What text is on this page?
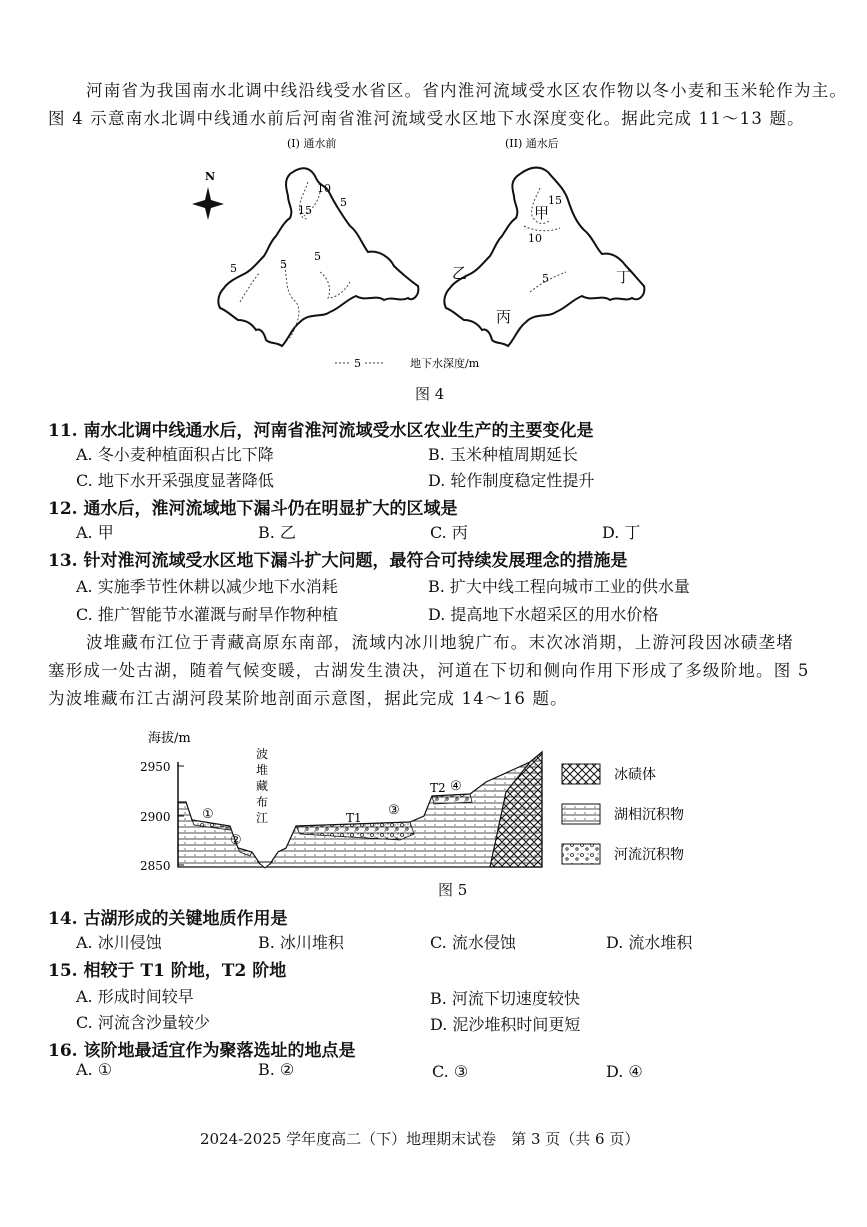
河南省为我国南水北调中线沿线受水省区。省内淮河流域受水区农作物以冬小麦和玉米轮作为主。
图 4 示意南水北调中线通水前后河南省淮河流域受水区地下水深度变化。据此完成 11～13 题。
(I) 通水前	(II) 通水后
N
10
15
5
5	5
5
15
10
5
甲
乙
丙
丁
5	地下水深度/m
图 4
11. 南水北调中线通水后，河南省淮河流域受水区农业生产的主要变化是
A. 冬小麦种植面积占比下降	B. 玉米种植周期延长
C. 地下水开采强度显著降低	D. 轮作制度稳定性提升
12. 通水后，淮河流域地下漏斗仍在明显扩大的区域是
A. 甲	B. 乙	C. 丙	D. 丁
13. 针对淮河流域受水区地下漏斗扩大问题，最符合可持续发展理念的措施是
A. 实施季节性休耕以减少地下水消耗	B. 扩大中线工程向城市工业的供水量
C. 推广智能节水灌溉与耐旱作物种植	D. 提高地下水超采区的用水价格
波堆藏布江位于青藏高原东南部，流域内冰川地貌广布。末次冰消期，上游河段因冰碛垄堵
塞形成一处古湖，随着气候变暖，古湖发生溃决，河道在下切和侧向作用下形成了多级阶地。图 5
为波堆藏布江古湖河段某阶地剖面示意图，据此完成 14～16 题。
海拔/m
2950
2900
2850
波
堆
藏
布
江
①
②
③
④
T1
T2
冰碛体
湖相沉积物
河流沉积物
图 5
14. 古湖形成的关键地质作用是
A. 冰川侵蚀	B. 冰川堆积	C. 流水侵蚀	D. 流水堆积
15. 相较于 T1 阶地，T2 阶地
A. 形成时间较早	B. 河流下切速度较快
C. 河流含沙量较少	D. 泥沙堆积时间更短
16. 该阶地最适宜作为聚落选址的地点是
A. ①	B. ②	C. ③	D. ④
2024-2025 学年度高二（下）地理期末试卷　第 3 页（共 6 页）
